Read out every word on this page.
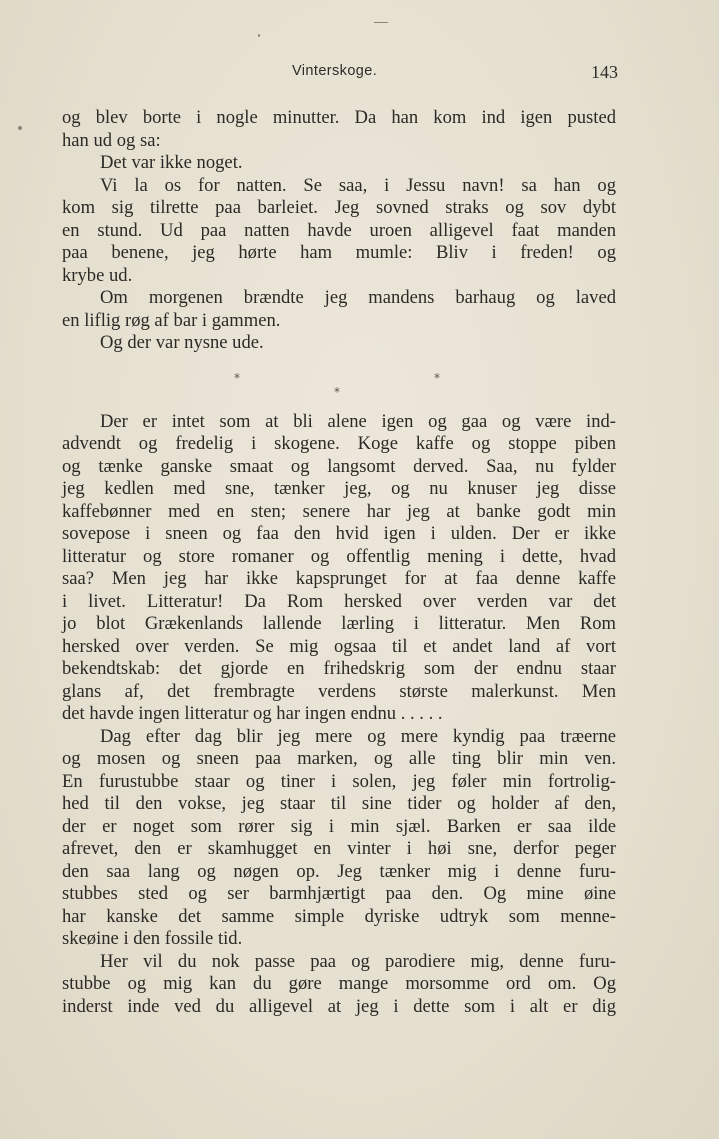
Vinterskoge.	143
og blev borte i nogle minutter. Da han kom ind igen pusted
han ud og sa:
Det var ikke noget.
Vi la os for natten. Se saa, i Jessu navn! sa han og
kom sig tilrette paa barleiet. Jeg sovned straks og sov dybt
en stund. Ud paa natten havde uroen alligevel faat manden
paa benene, jeg hørte ham mumle: Bliv i freden! og
krybe ud.
Om morgenen brændte jeg mandens barhaug og laved
en liflig røg af bar i gammen.
Og der var nysne ude.
*	*
*
Der er intet som at bli alene igen og gaa og være ind-
advendt og fredelig i skogene. Koge kaffe og stoppe piben
og tænke ganske smaat og langsomt derved. Saa, nu fylder
jeg kedlen med sne, tænker jeg, og nu knuser jeg disse
kaffebønner med en sten; senere har jeg at banke godt min
sovepose i sneen og faa den hvid igen i ulden. Der er ikke
litteratur og store romaner og offentlig mening i dette, hvad
saa? Men jeg har ikke kapsprunget for at faa denne kaffe
i livet. Litteratur! Da Rom hersked over verden var det
jo blot Grækenlands lallende lærling i litteratur. Men Rom
hersked over verden. Se mig ogsaa til et andet land af vort
bekendtskab: det gjorde en frihedskrig som der endnu staar
glans af, det frembragte verdens største malerkunst. Men
det havde ingen litteratur og har ingen endnu . . . . .
Dag efter dag blir jeg mere og mere kyndig paa træerne
og mosen og sneen paa marken, og alle ting blir min ven.
En furustubbe staar og tiner i solen, jeg føler min fortrolig-
hed til den vokse, jeg staar til sine tider og holder af den,
der er noget som rører sig i min sjæl. Barken er saa ilde
afrevet, den er skamhugget en vinter i høi sne, derfor peger
den saa lang og nøgen op. Jeg tænker mig i denne furu-
stubbes sted og ser barmhjærtigt paa den. Og mine øine
har kanske det samme simple dyriske udtryk som menne-
skeøine i den fossile tid.
Her vil du nok passe paa og parodiere mig, denne furu-
stubbe og mig kan du gøre mange morsomme ord om. Og
inderst inde ved du alligevel at jeg i dette som i alt er dig
